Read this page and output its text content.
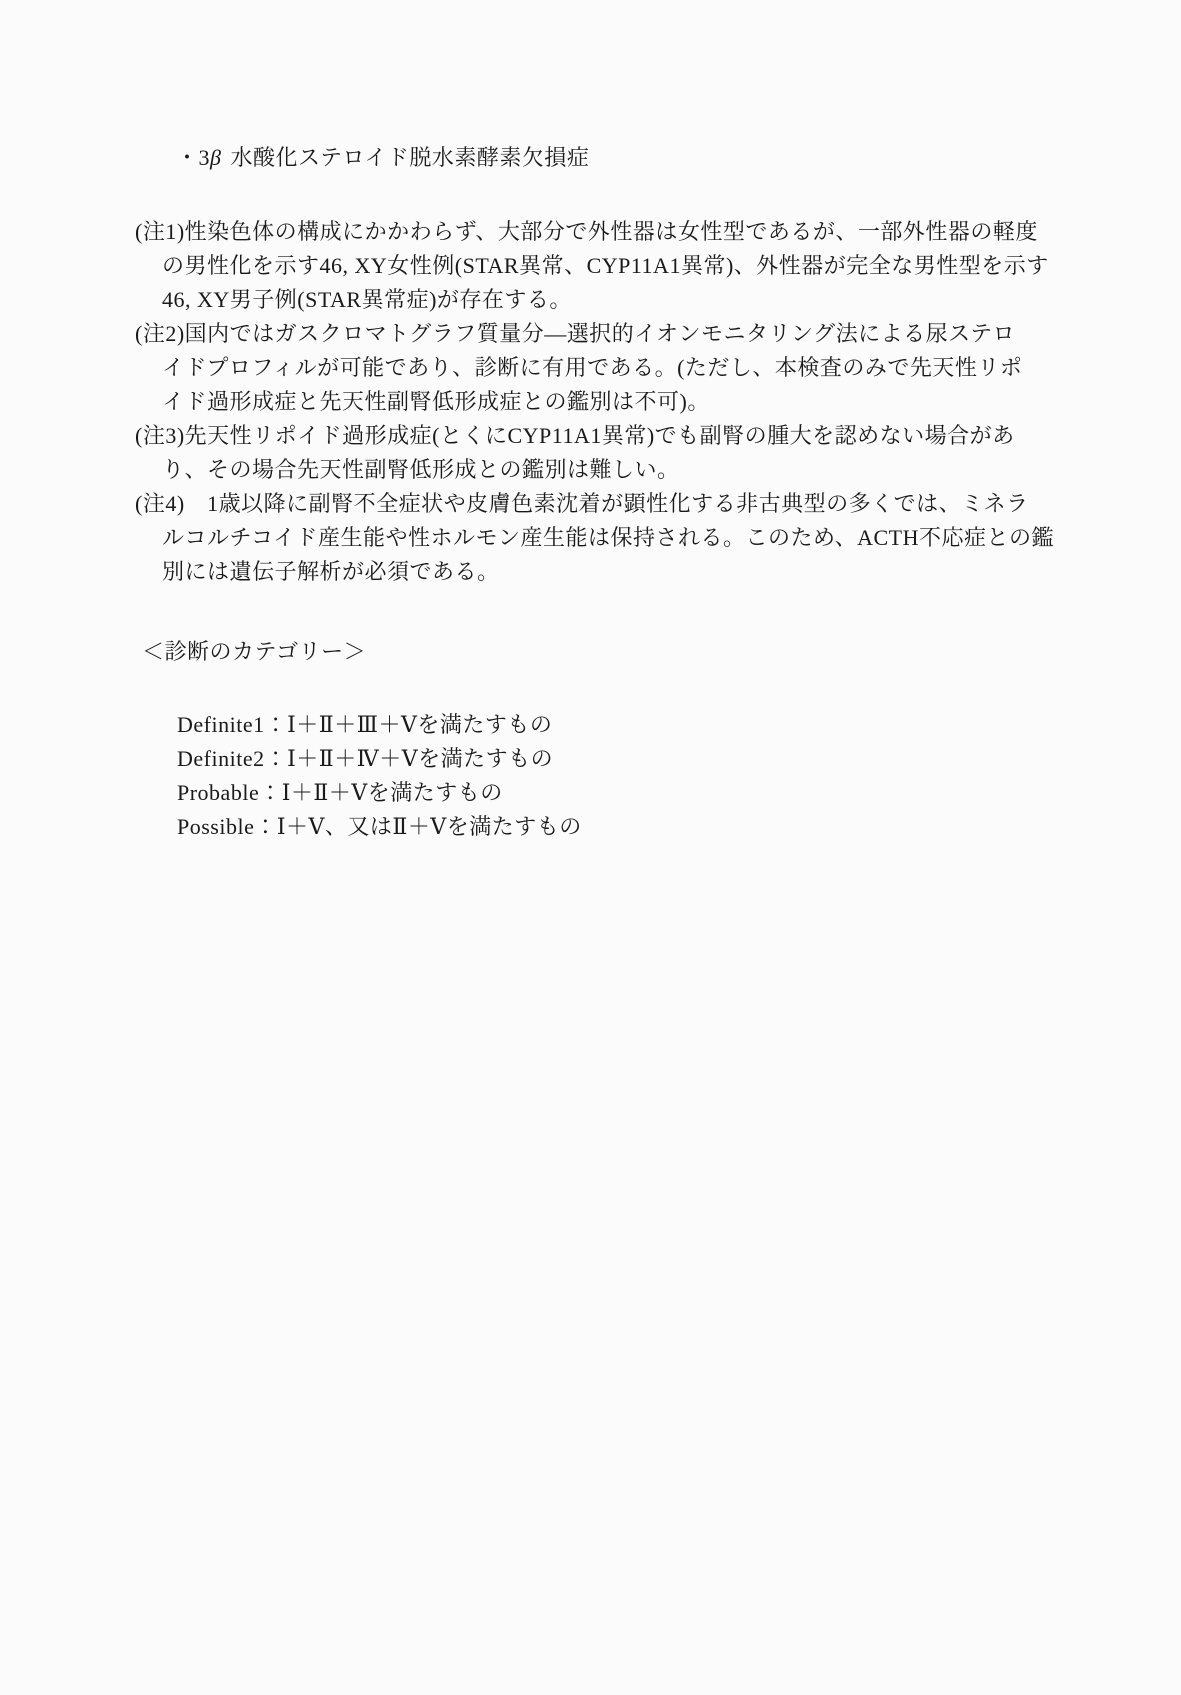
・3β 水酸化ステロイド脱水素酵素欠損症
(注1)性染色体の構成にかかわらず、大部分で外性器は女性型であるが、一部外性器の軽度
の男性化を示す46, XY女性例(STAR異常、CYP11A1異常)、外性器が完全な男性型を示す
46, XY男子例(STAR異常症)が存在する。
(注2)国内ではガスクロマトグラフ質量分―選択的イオンモニタリング法による尿ステロ
イドプロフィルが可能であり、診断に有用である。(ただし、本検査のみで先天性リポ
イド過形成症と先天性副腎低形成症との鑑別は不可)。
(注3)先天性リポイド過形成症(とくにCYP11A1異常)でも副腎の腫大を認めない場合があ
り、その場合先天性副腎低形成との鑑別は難しい。
(注4)　1歳以降に副腎不全症状や皮膚色素沈着が顕性化する非古典型の多くでは、ミネラ
ルコルチコイド産生能や性ホルモン産生能は保持される。このため、ACTH不応症との鑑
別には遺伝子解析が必須である。
＜診断のカテゴリー＞
Definite1：Ⅰ＋Ⅱ＋Ⅲ＋Ⅴを満たすもの
Definite2：Ⅰ＋Ⅱ＋Ⅳ＋Ⅴを満たすもの
Probable：Ⅰ＋Ⅱ＋Ⅴを満たすもの
Possible：Ⅰ＋Ⅴ、又はⅡ＋Ⅴを満たすもの
